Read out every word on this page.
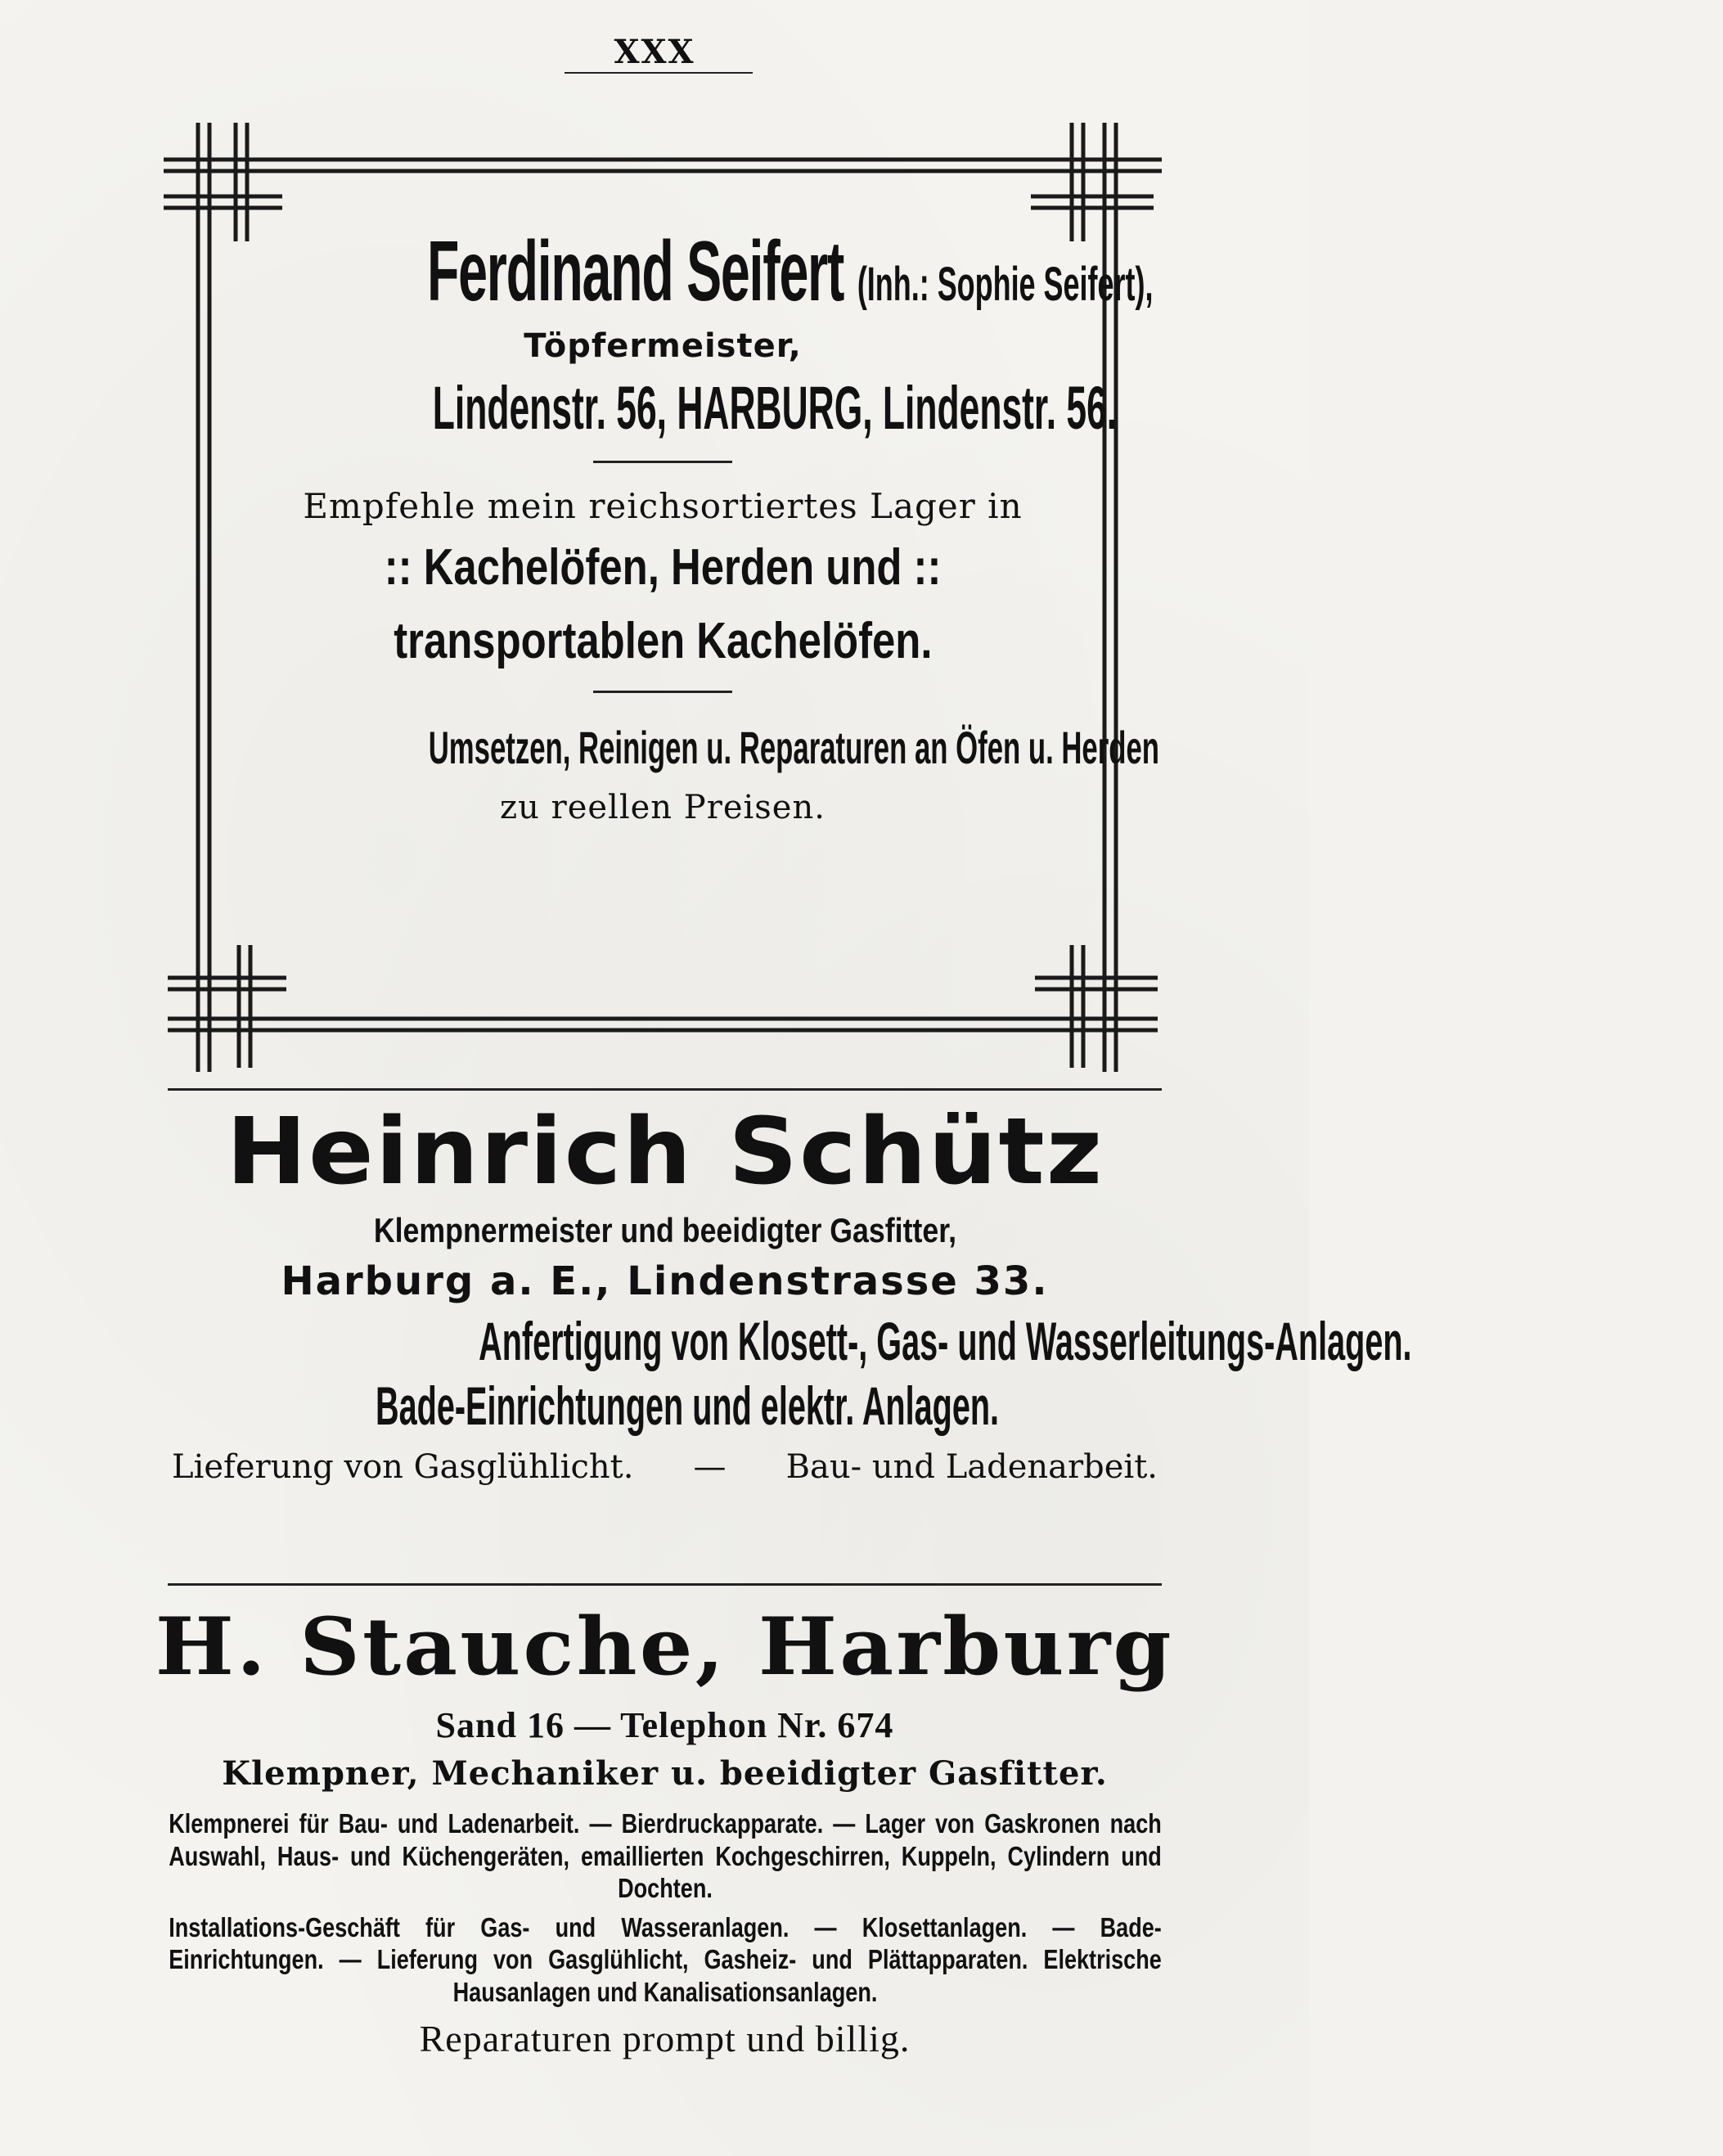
XXX
Ferdinand Seifert (Inh.: Sophie Seifert),
Töpfermeister,
Lindenstr. 56, HARBURG, Lindenstr. 56.
Empfehle mein reichsortiertes Lager in
:: Kachelöfen, Herden und ::
transportablen Kachelöfen.
Umsetzen, Reinigen u. Reparaturen an Öfen u. Herden
zu reellen Preisen.
Heinrich Schütz
Klempnermeister und beeidigter Gasfitter,
Harburg a. E., Lindenstrasse 33.
Anfertigung von Klosett-, Gas- und Wasserleitungs-Anlagen.
Bade-Einrichtungen und elektr. Anlagen.
Lieferung von Gasglühlicht. — Bau- und Ladenarbeit.
H. Stauche, Harburg
Sand 16 — Telephon Nr. 674
Klempner, Mechaniker u. beeidigter Gasfitter.
Klempnerei für Bau- und Ladenarbeit. — Bierdruckapparate. — Lager von Gaskronen nach Auswahl, Haus- und Küchengeräten, emaillierten Kochgeschirren, Kuppeln, Cylindern und Dochten.
Installations-Geschäft für Gas- und Wasseranlagen. — Klosettanlagen. — Bade-Einrichtungen. — Lieferung von Gasglühlicht, Gasheiz- und Plättapparaten. Elektrische Hausanlagen und Kanalisationsanlagen.
Reparaturen prompt und billig.
